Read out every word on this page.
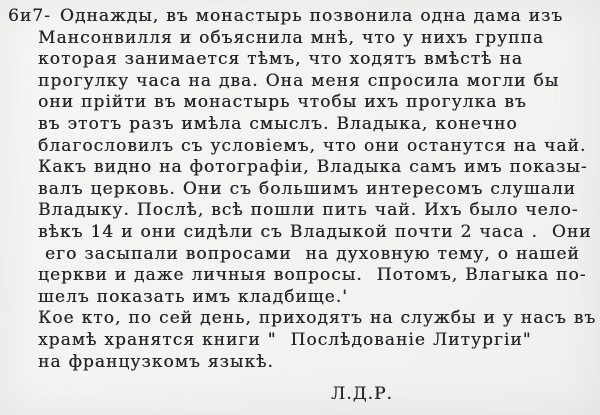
6и7- Однажды, въ монастырь позвонила одна дама изъ
Мансонвилля и объяснила мнѣ, что у нихъ группа
которая занимается тѣмъ, что ходятъ вмѣстѣ на
прогулку часа на два. Она меня спросила могли бы
они прійти въ монастырь чтобы ихъ прогулка въ
въ этотъ разъ имѣла смыслъ. Владыка, конечно
благословилъ съ условіемъ, что они останутся на чай.
Какъ видно на фотографіи, Владыка самъ имъ показы-
валъ церковь. Они съ большимъ интересомъ слушали
Владыку. Послѣ, всѣ пошли пить чай. Ихъ было чело-
вѣкъ 14 и они сидѣли съ Владыкой почти 2 часа .  Они
его засыпали вопросами  на духовную тему, о нашей
церкви и даже личныя вопросы.  Потомъ, Влагыка по-
шелъ показать имъ кладбище.'
Кое кто, по сей день, приходятъ на службы и у насъ въ
храмѣ хранятся книги "  Послѣдованіе Литургіи"
на французкомъ языкѣ.
Л.Д.Р.
